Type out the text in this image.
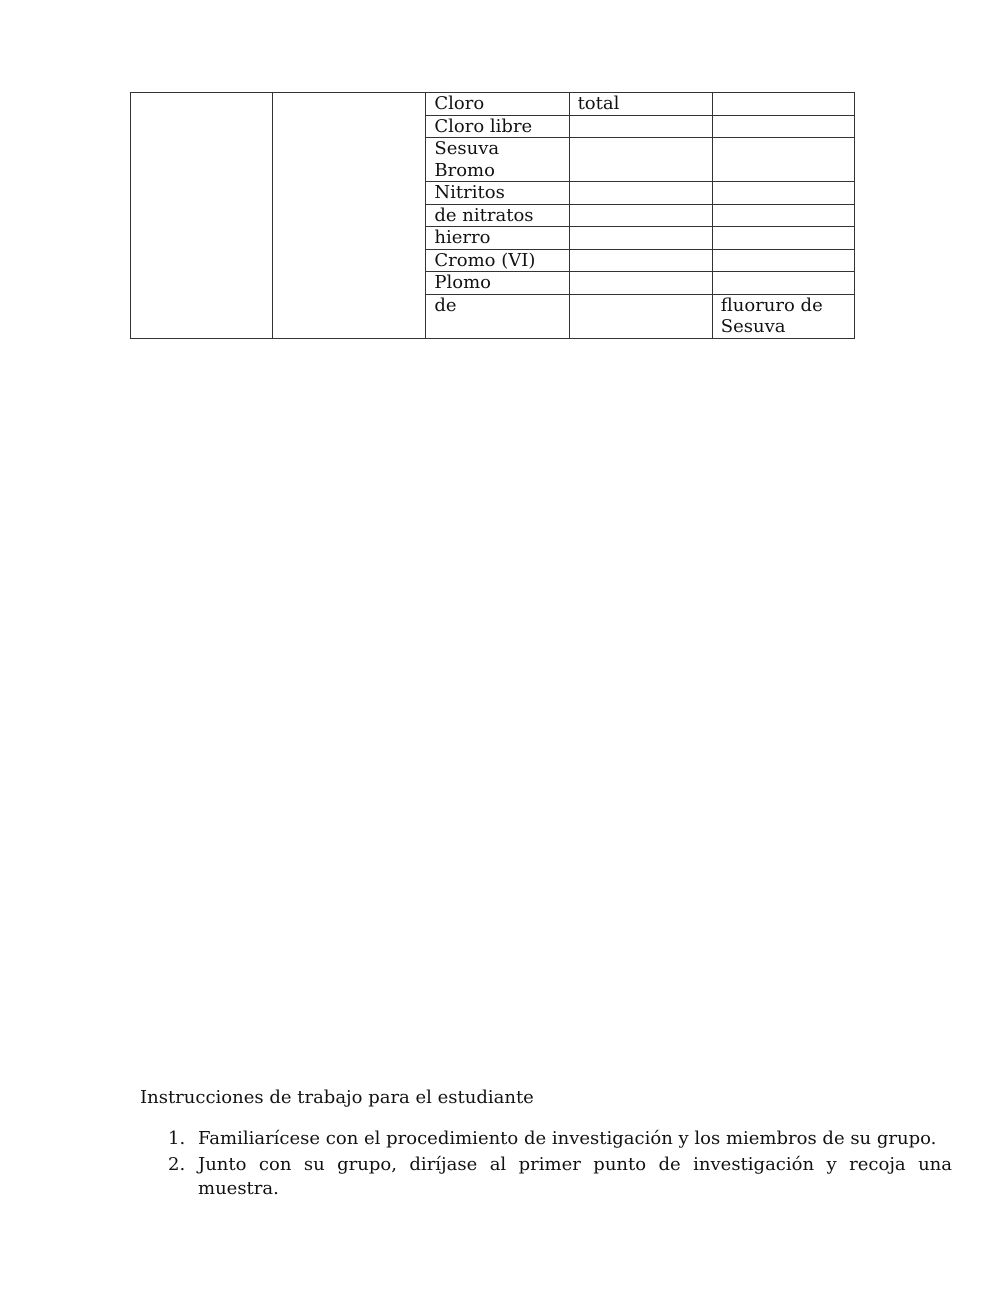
		Cloro	total	
		Cloro libre		
		Sesuva
Bromo		
		Nitritos		
		de nitratos		
		hierro		
		Cromo (VI)		
		Plomo		
		de		fluoruro de
Sesuva
Instrucciones de trabajo para el estudiante
1. Familiarícese con el procedimiento de investigación y los miembros de su grupo.
2. Junto con su grupo, diríjase al primer punto de investigación y recoja una muestra.
